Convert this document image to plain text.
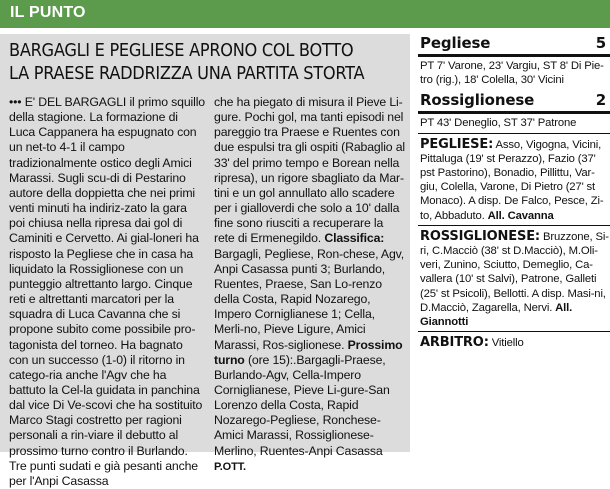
IL PUNTO
BARGAGLI E PEGLIESE APRONO COL BOTTO
LA PRAESE RADDRIZZA UNA PARTITA STORTA

••• E' DEL BARGAGLI il primo squillo della stagione. La formazione di Luca Cappanera ha espugnato con un net-to 4-1 il campo tradizionalmente ostico degli Amici Marassi. Sugli scu-di di Pestarino autore della doppietta che nei primi venti minuti ha indiriz-zato la gara poi chiusa nella ripresa dai gol di Caminiti e Cervetto. Ai gial-loneri ha risposto la Pegliese che in casa ha liquidato la Rossiglionese con un punteggio altrettanto largo. Cinque reti e altrettanti marcatori per la squadra di Luca Cavanna che si propone subito come possibile pro-tagonista del torneo. Ha bagnato con un successo (1-0) il ritorno in catego-ria anche l'Agv che ha battuto la Cel-la guidata in panchina dal vice Di Ve-scovi che ha sostituito Marco Stagi costretto per ragioni personali a rin-viare il debutto al prossimo turno contro il Burlando. Tre punti sudati e già pesanti anche per l'Anpi Casassa

che ha piegato di misura il Pieve Li-gure. Pochi gol, ma tanti episodi nel pareggio tra Praese e Ruentes con due espulsi tra gli ospiti (Rabaglio al 33' del primo tempo e Borean nella ripresa), un rigore sbagliato da Mar-tini e un gol annullato allo scadere per i gialloverdi che solo a 10' dalla fine sono riusciti a recuperare la rete di Ermenegildo. Classifica: Bargagli, Pegliese, Ron-chese, Agv, Anpi Casassa punti 3; Burlando, Ruentes, Praese, San Lo-renzo della Costa, Rapid Nozarego, Impero Corniglianese 1; Cella, Merli-no, Pieve Ligure, Amici Marassi, Ros-siglionese. Prossimo turno (ore 15):.Bargagli-Praese, Burlando-Agv, Cella-Impero Corniglianese, Pieve Li-gure-San Lorenzo della Costa, Rapid Nozarego-Pegliese, Ronchese-Amici Marassi, Rossiglionese-Merlino, Ruentes-Anpi Casassa P.OTT.

Pegliese	5
PT 7' Varone, 23' Vargiu, ST 8' Di Pie-tro (rig.), 18' Colella, 30' Vicini
Rossiglionese	2
PT 43' Deneglio, ST 37' Patrone
PEGLIESE: Asso, Vigogna, Vicini, Pittaluga (19' st Perazzo), Fazio (37' pst Pastorino), Bonadio, Pillittu, Var-giu, Colella, Varone, Di Pietro (27' st Monaco). A disp. De Falco, Pesce, Zi-to, Abbaduto. All. Cavanna
ROSSIGLIONESE: Bruzzone, Si-ri, C.Macciò (38' st D.Macciò), M.Oli-veri, Zunino, Sciutto, Demeglio, Ca-vallera (10' st Salvi), Patrone, Galleti (25' st Psicoli), Bellotti. A disp. Masi-ni, D.Macciò, Zagarella, Nervi. All. Giannotti
ARBITRO: Vitiello
